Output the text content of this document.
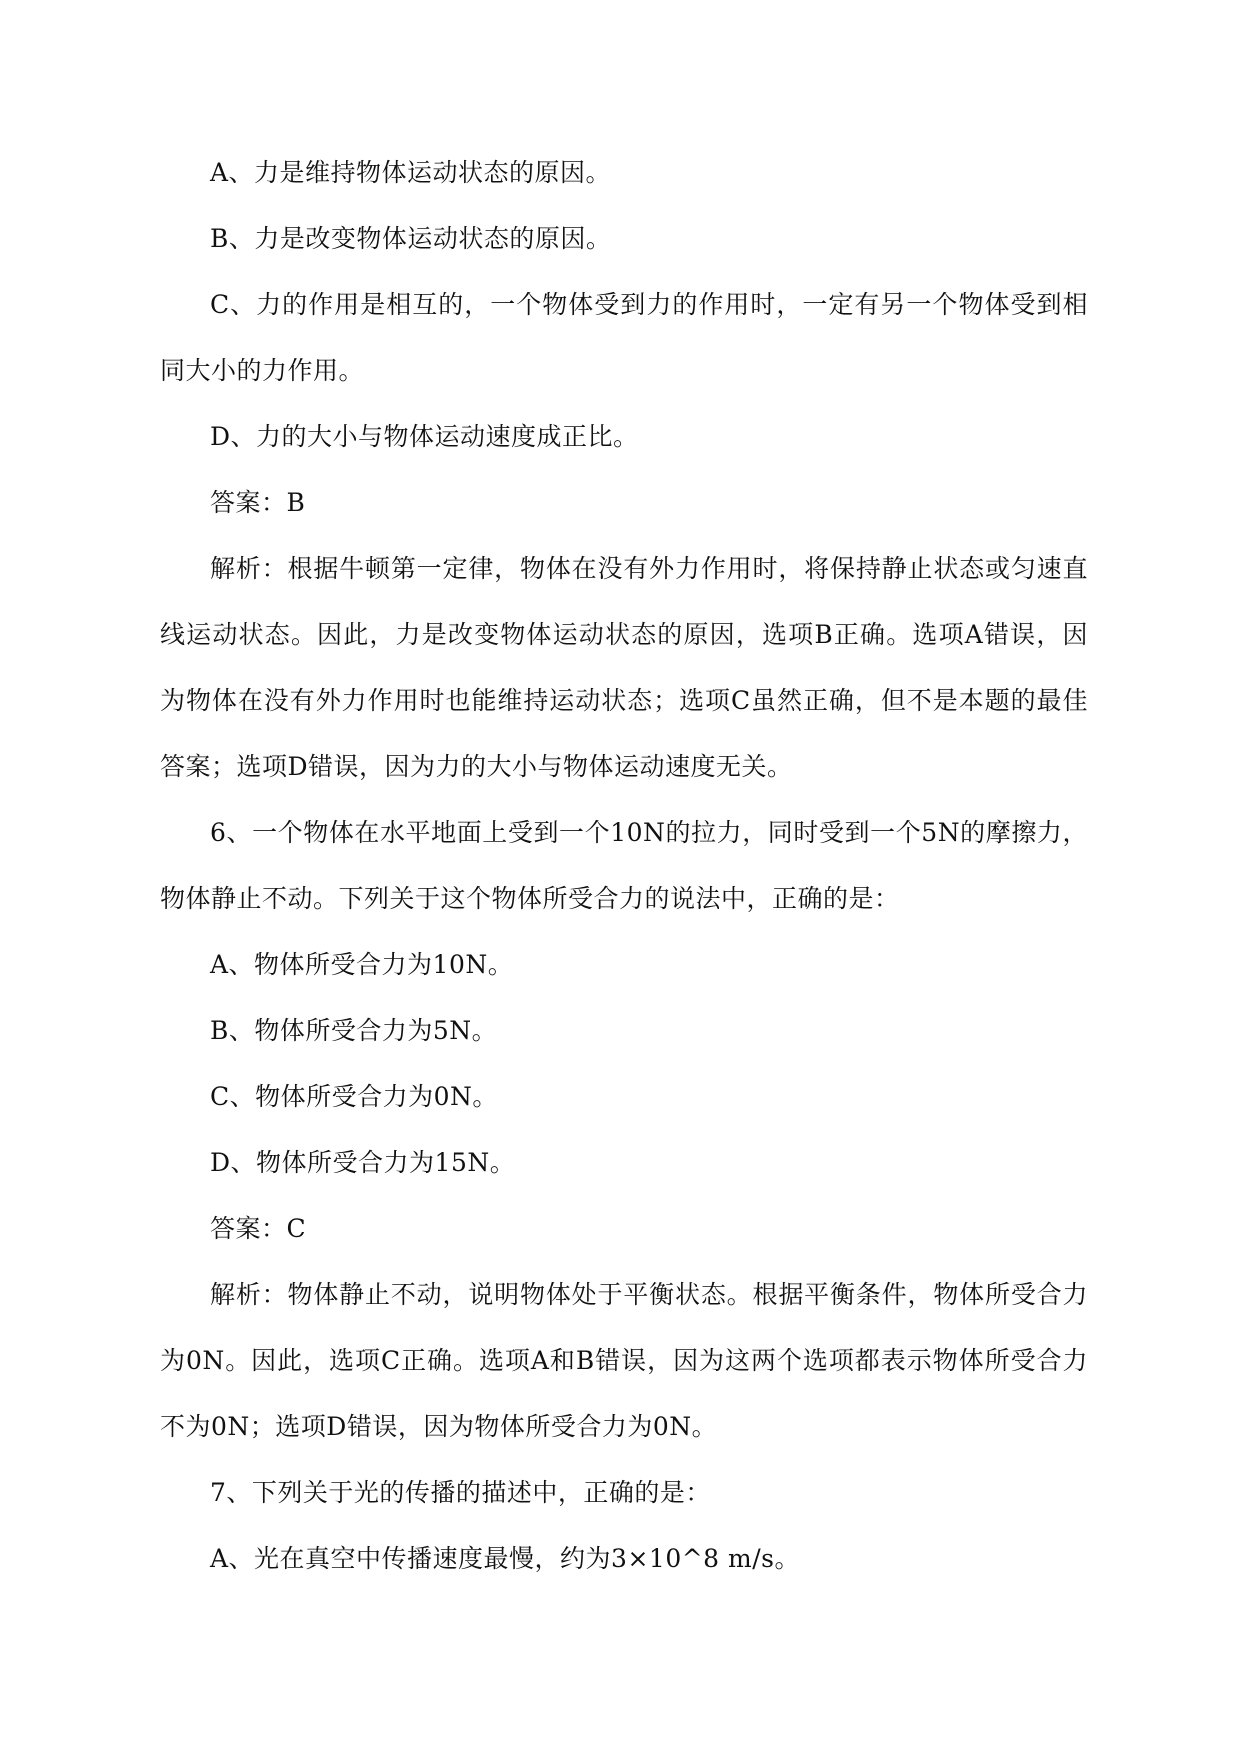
A、力是维持物体运动状态的原因。

B、力是改变物体运动状态的原因。

C、力的作用是相互的，一个物体受到力的作用时，一定有另一个物体受到相同大小的力作用。

D、力的大小与物体运动速度成正比。

答案：B

解析：根据牛顿第一定律，物体在没有外力作用时，将保持静止状态或匀速直线运动状态。因此，力是改变物体运动状态的原因，选项B正确。选项A错误，因为物体在没有外力作用时也能维持运动状态；选项C虽然正确，但不是本题的最佳答案；选项D错误，因为力的大小与物体运动速度无关。

6、一个物体在水平地面上受到一个10N的拉力，同时受到一个5N的摩擦力，物体静止不动。下列关于这个物体所受合力的说法中，正确的是：

A、物体所受合力为10N。

B、物体所受合力为5N。

C、物体所受合力为0N。

D、物体所受合力为15N。

答案：C

解析：物体静止不动，说明物体处于平衡状态。根据平衡条件，物体所受合力为0N。因此，选项C正确。选项A和B错误，因为这两个选项都表示物体所受合力不为0N；选项D错误，因为物体所受合力为0N。

7、下列关于光的传播的描述中，正确的是：

A、光在真空中传播速度最慢，约为3×10^8 m/s。
